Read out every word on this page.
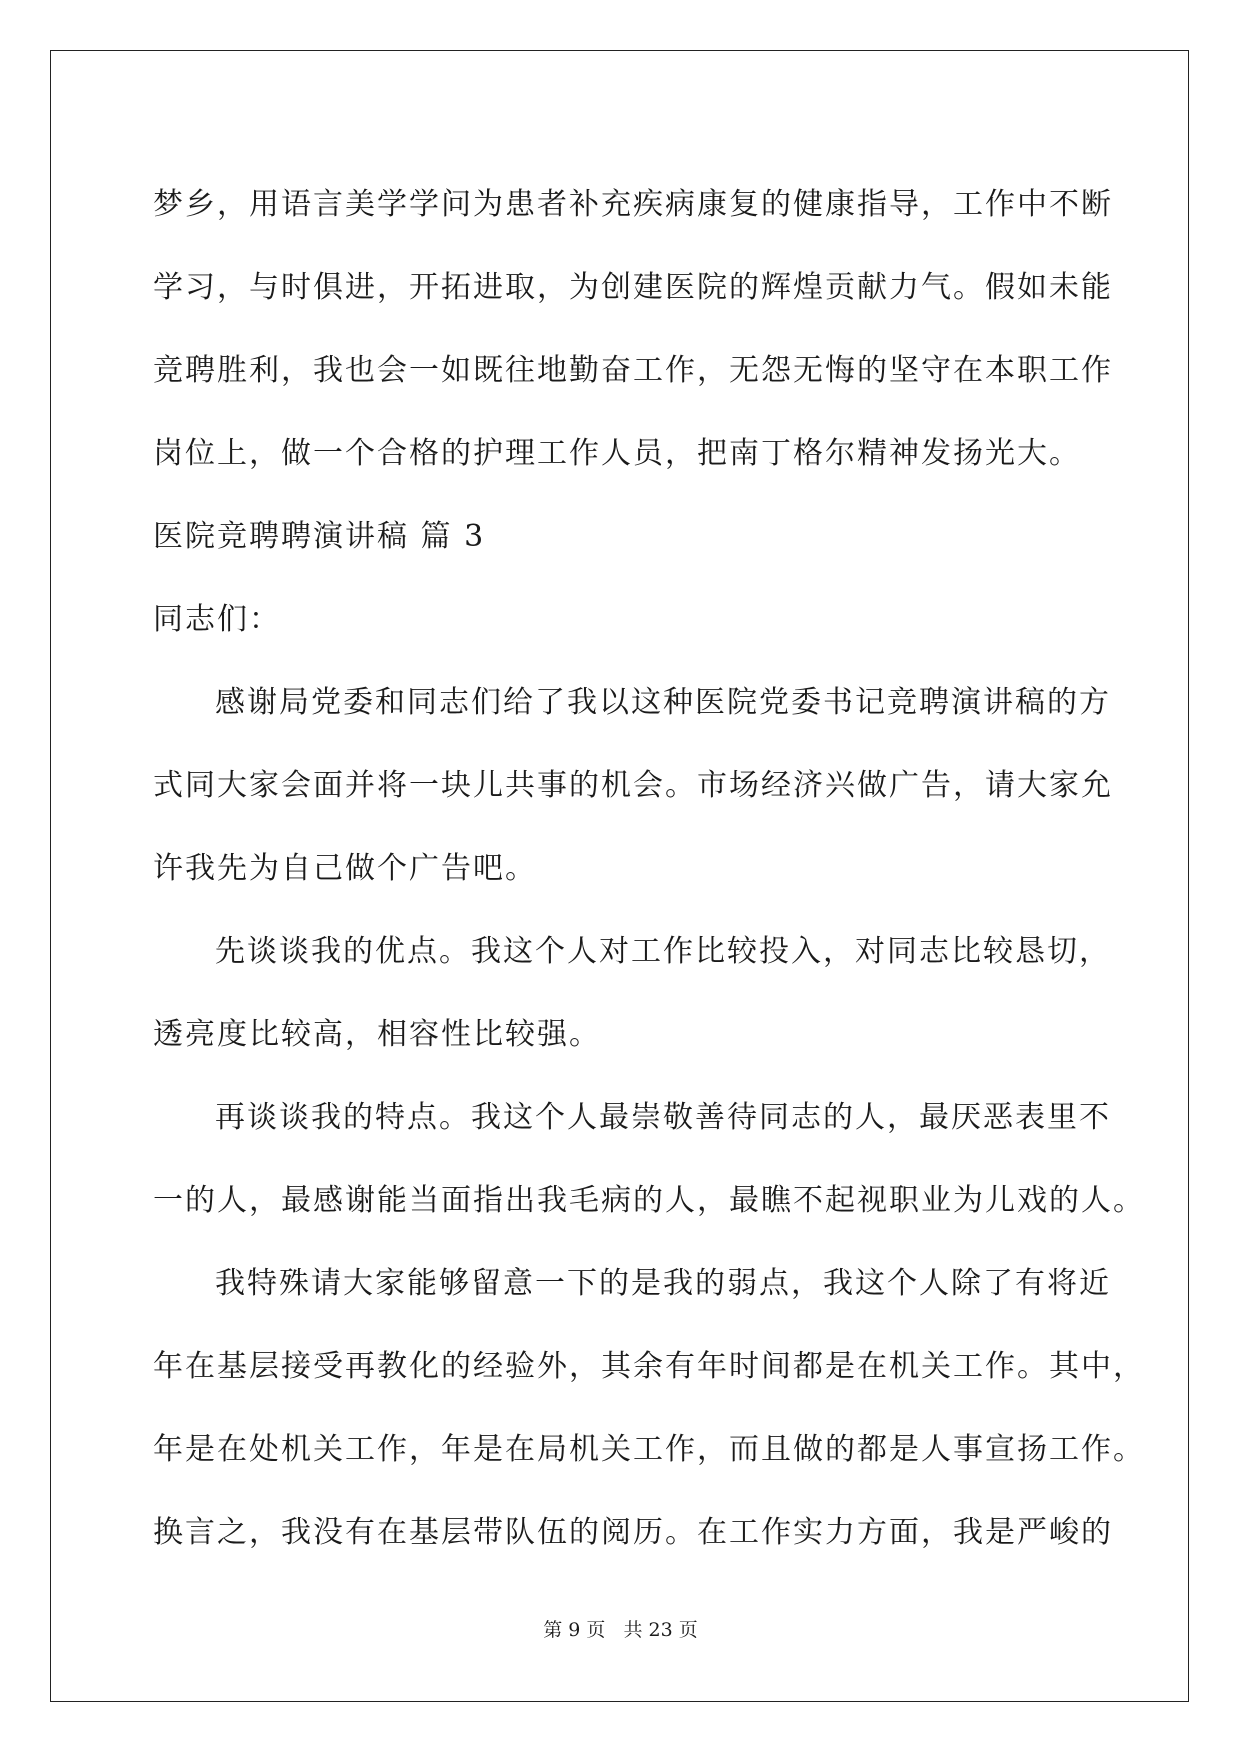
梦乡，用语言美学学问为患者补充疾病康复的健康指导，工作中不断
学习，与时俱进，开拓进取，为创建医院的辉煌贡献力气。假如未能
竞聘胜利，我也会一如既往地勤奋工作，无怨无悔的坚守在本职工作
岗位上，做一个合格的护理工作人员，把南丁格尔精神发扬光大。
医院竞聘聘演讲稿 篇 3
同志们：
感谢局党委和同志们给了我以这种医院党委书记竞聘演讲稿的方
式同大家会面并将一块儿共事的机会。市场经济兴做广告，请大家允
许我先为自己做个广告吧。
先谈谈我的优点。我这个人对工作比较投入，对同志比较恳切，
透亮度比较高，相容性比较强。
再谈谈我的特点。我这个人最崇敬善待同志的人，最厌恶表里不
一的人，最感谢能当面指出我毛病的人，最瞧不起视职业为儿戏的人。
我特殊请大家能够留意一下的是我的弱点，我这个人除了有将近
年在基层接受再教化的经验外，其余有年时间都是在机关工作。其中，
年是在处机关工作，年是在局机关工作，而且做的都是人事宣扬工作。
换言之，我没有在基层带队伍的阅历。在工作实力方面，我是严峻的
第 9 页 共 23 页
